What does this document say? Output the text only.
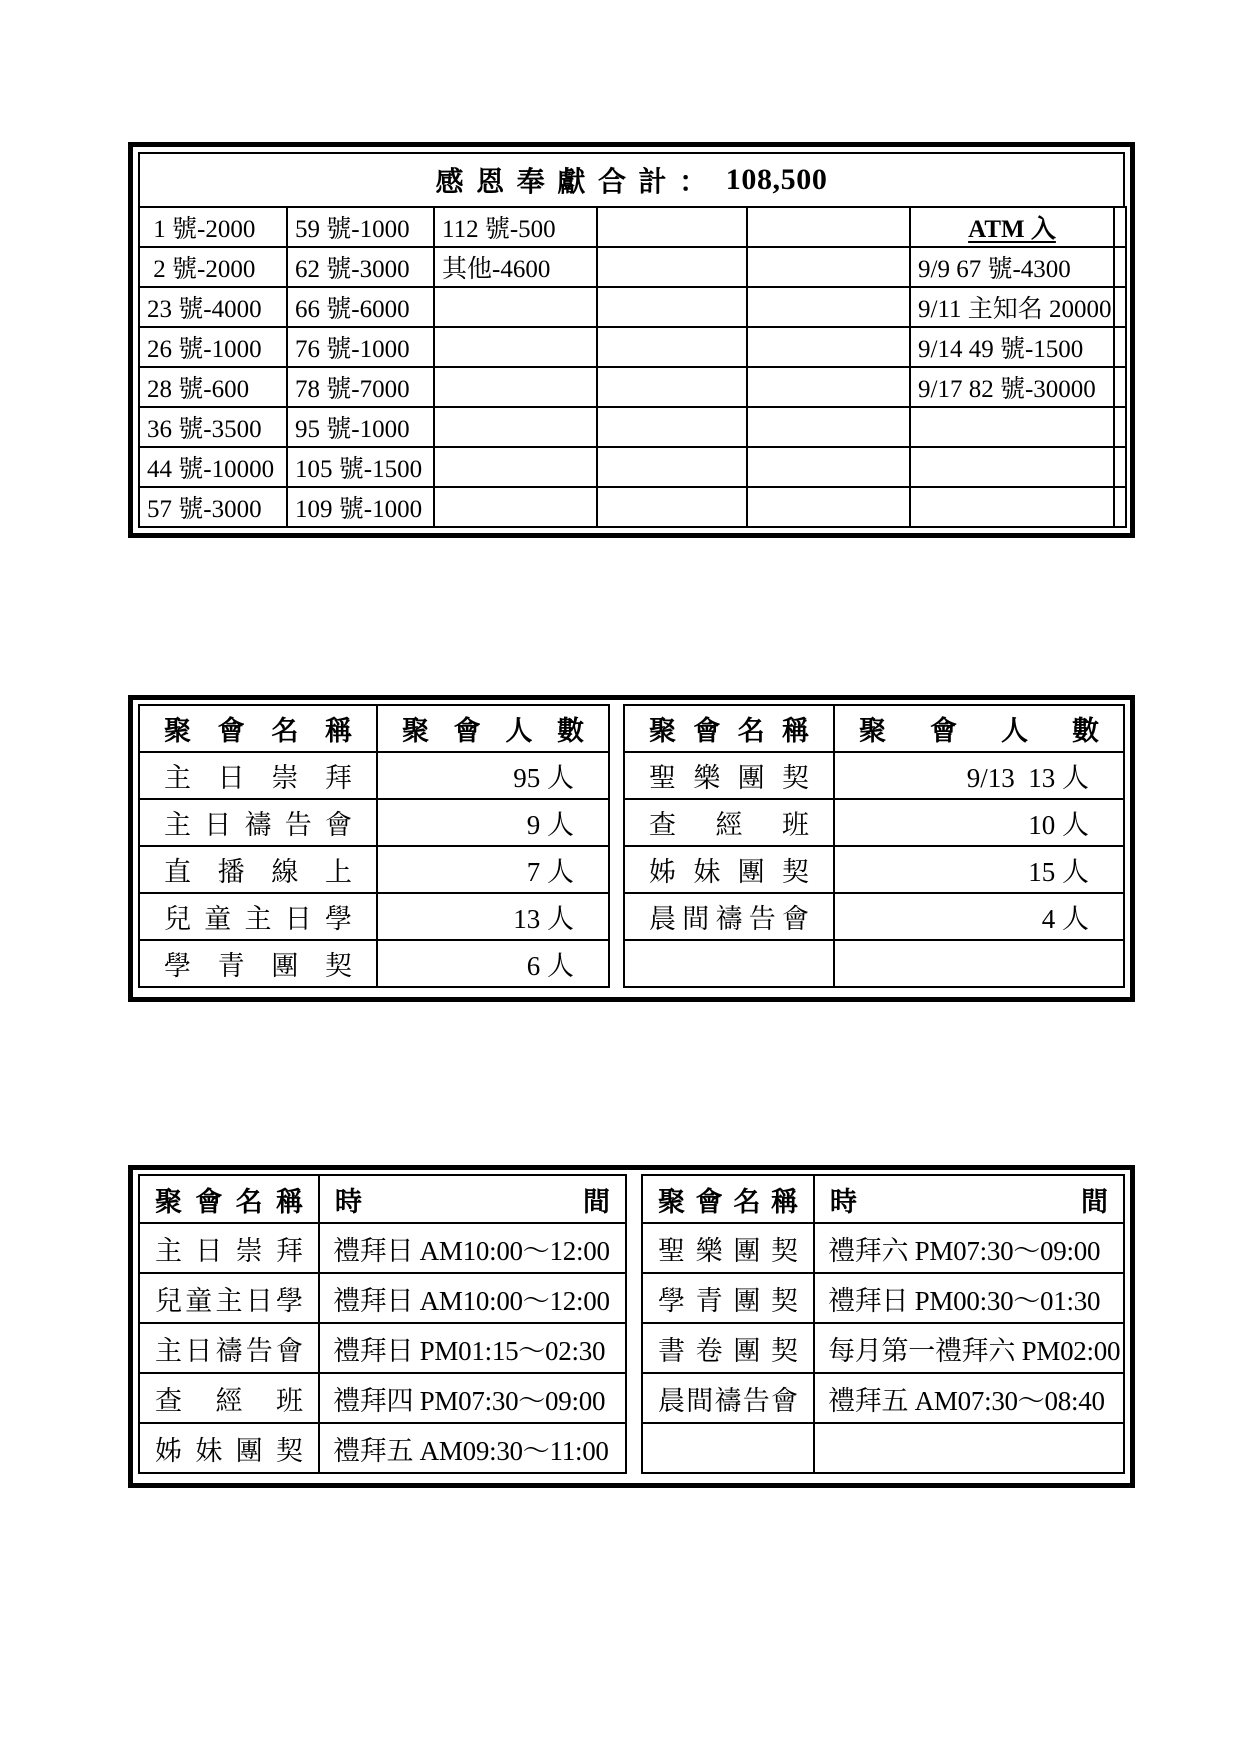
感恩奉獻合計： 108,500
1 號-2000	59 號-1000	112 號-500			ATM 入	
2 號-2000	62 號-3000	其他-4600			9/9 67 號-4300	
23 號-4000	66 號-6000				9/11 主知名 20000	
26 號-1000	76 號-1000				9/14 49 號-1500	
28 號-600	78 號-7000				9/17 82 號-30000	
36 號-3500	95 號-1000					
44 號-10000	105 號-1500					
57 號-3000	109 號-1000					
聚會名稱	聚會人數
主日崇拜	95 人
主日禱告會	9 人
直播線上	7 人
兒童主日學	13 人
學青團契	6 人
聚會名稱	聚會人數
聖樂團契	9/13  13 人
查經班	10 人
姊妹團契	15 人
晨間禱告會	4 人

聚會名稱	時間
主日崇拜	禮拜日 AM10:00～12:00
兒童主日學	禮拜日 AM10:00～12:00
主日禱告會	禮拜日 PM01:15～02:30
查經班	禮拜四 PM07:30～09:00
姊妹團契	禮拜五 AM09:30～11:00
聚會名稱	時間
聖樂團契	禮拜六 PM07:30～09:00
學青團契	禮拜日 PM00:30～01:30
書卷團契	每月第一禮拜六 PM02:00
晨間禱告會	禮拜五 AM07:30～08:40
